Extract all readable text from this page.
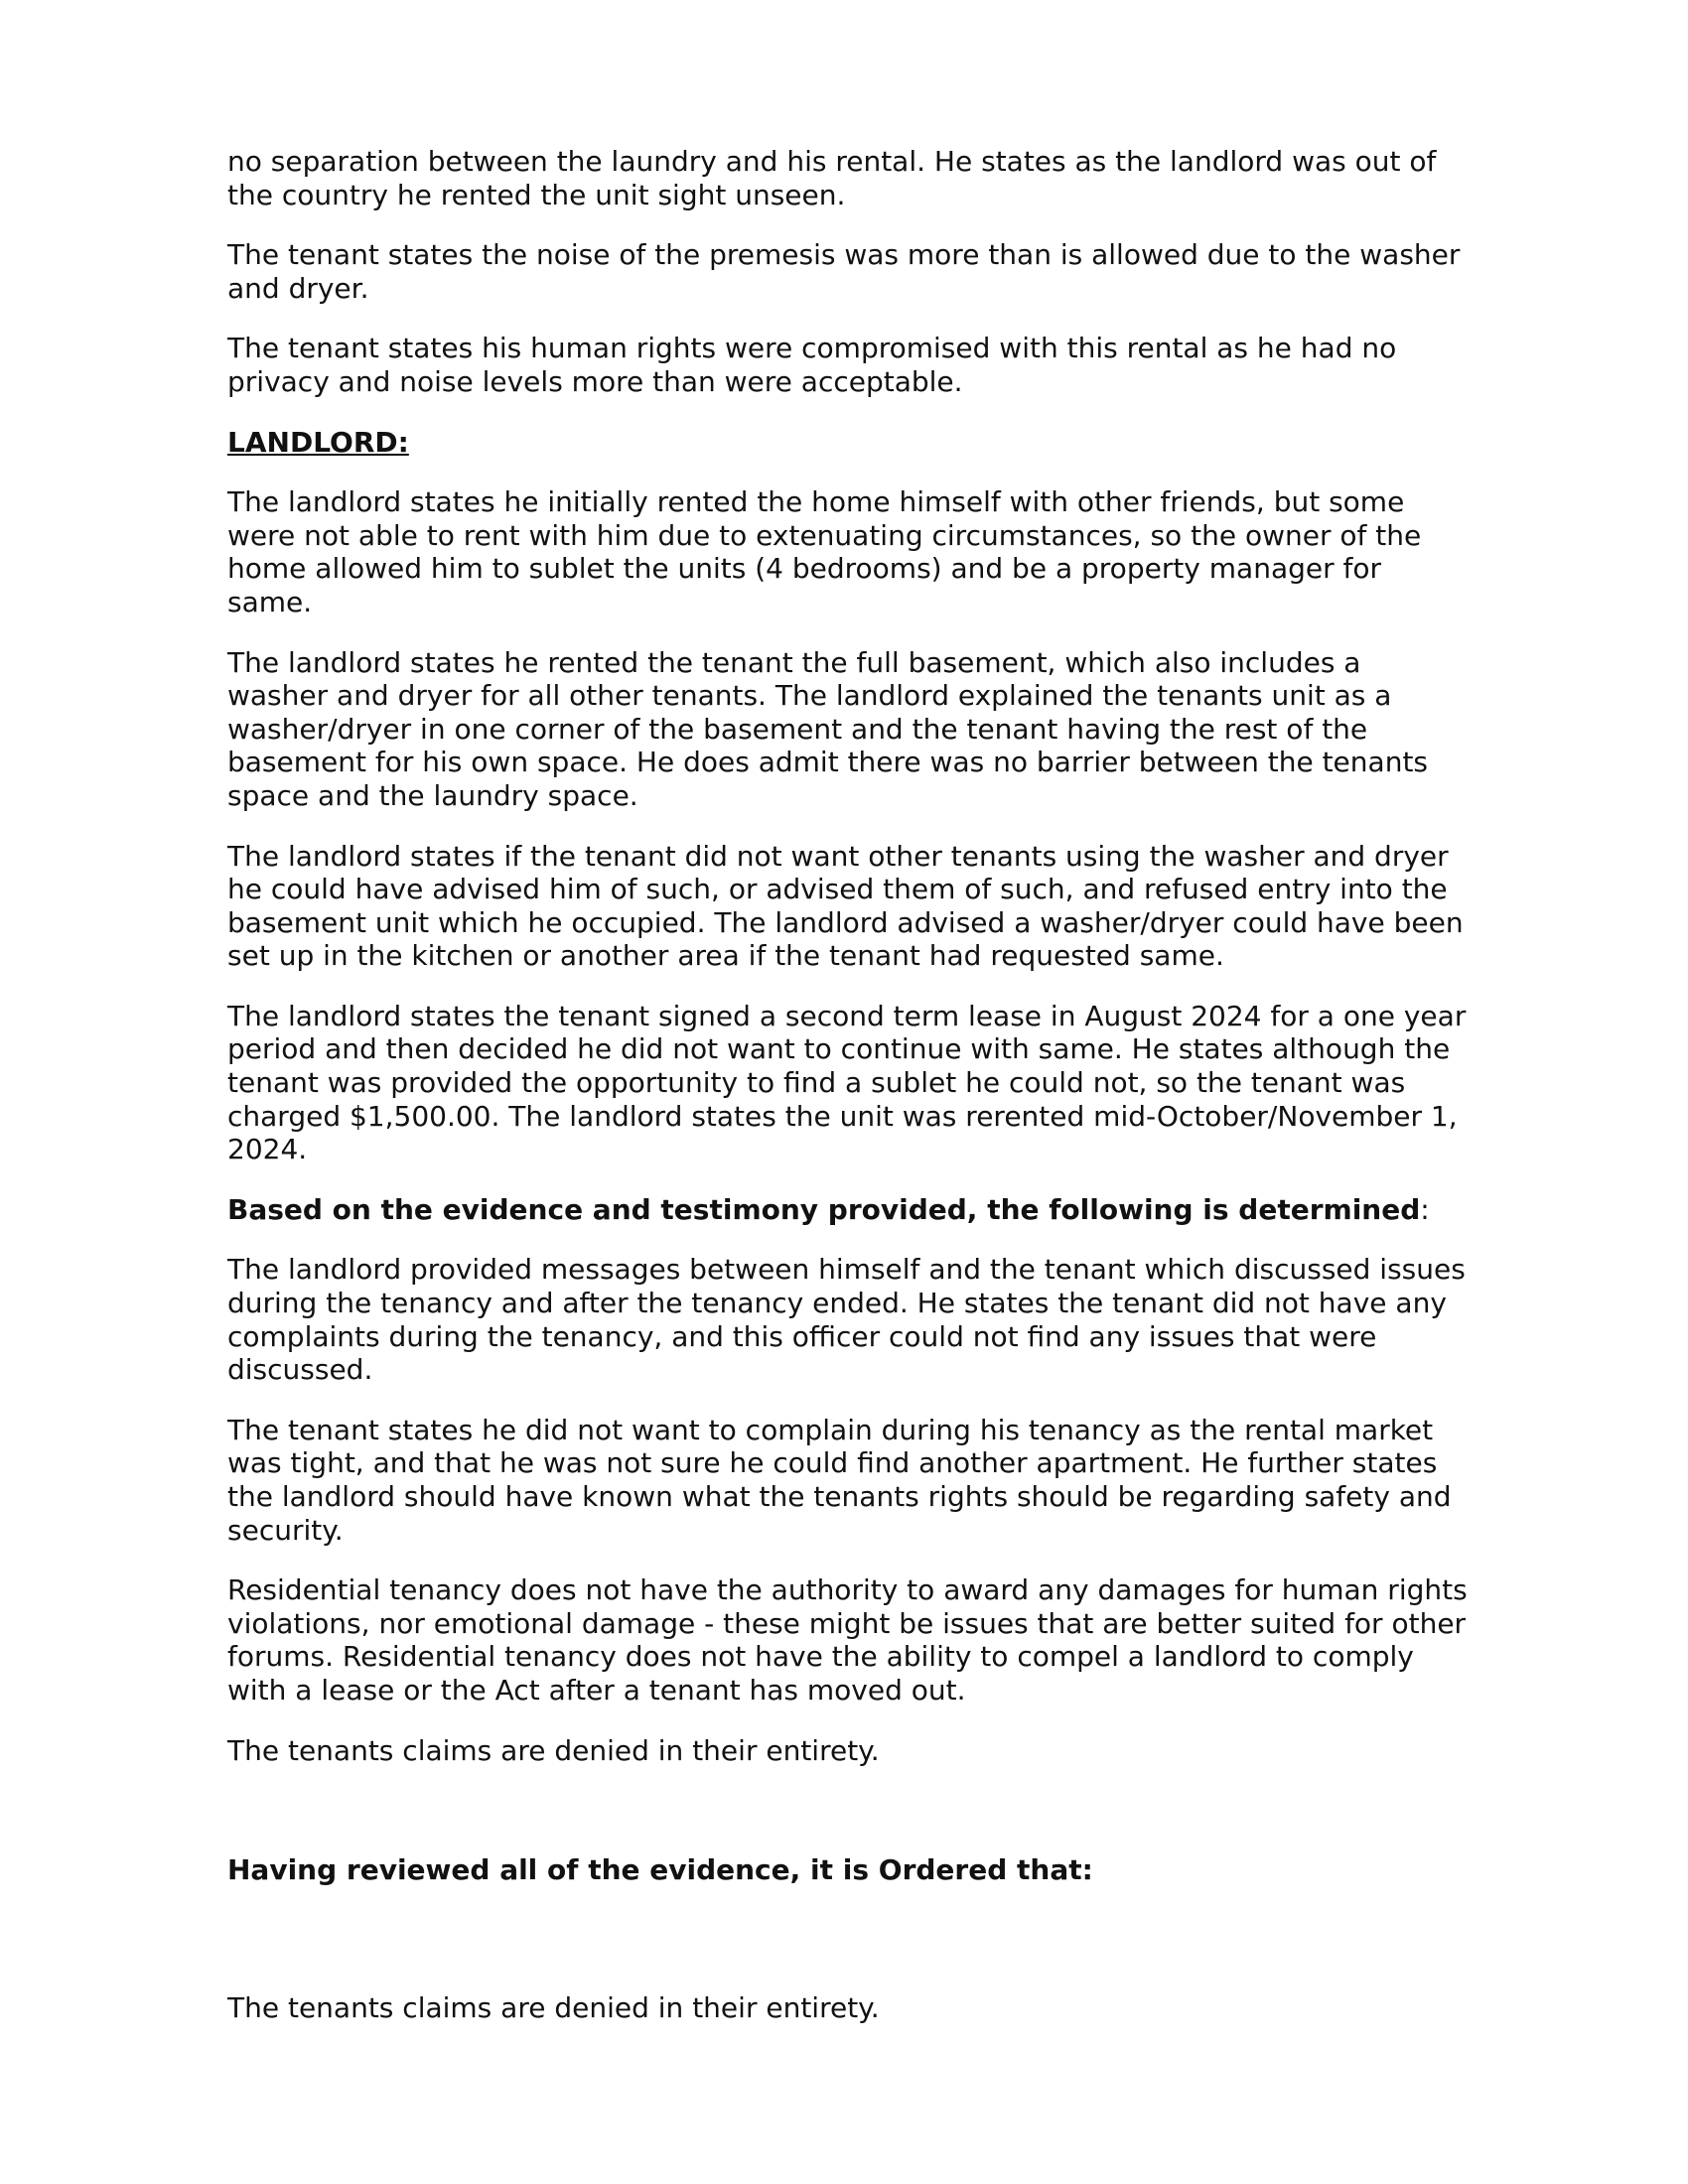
no separation between the laundry and his rental. He states as the landlord was out of the country he rented the unit sight unseen.

The tenant states the noise of the premesis was more than is allowed due to the washer and dryer.

The tenant states his human rights were compromised with this rental as he had no privacy and noise levels more than were acceptable.

LANDLORD:

The landlord states he initially rented the home himself with other friends, but some were not able to rent with him due to extenuating circumstances, so the owner of the home allowed him to sublet the units (4 bedrooms) and be a property manager for same.

The landlord states he rented the tenant the full basement, which also includes a washer and dryer for all other tenants. The landlord explained the tenants unit as a washer/dryer in one corner of the basement and the tenant having the rest of the basement for his own space. He does admit there was no barrier between the tenants space and the laundry space.

The landlord states if the tenant did not want other tenants using the washer and dryer he could have advised him of such, or advised them of such, and refused entry into the basement unit which he occupied. The landlord advised a washer/dryer could have been set up in the kitchen or another area if the tenant had requested same.

The landlord states the tenant signed a second term lease in August 2024 for a one year period and then decided he did not want to continue with same. He states although the tenant was provided the opportunity to find a sublet he could not, so the tenant was charged $1,500.00. The landlord states the unit was rerented mid-October/November 1, 2024.

Based on the evidence and testimony provided, the following is determined:

The landlord provided messages between himself and the tenant which discussed issues during the tenancy and after the tenancy ended. He states the tenant did not have any complaints during the tenancy, and this officer could not find any issues that were discussed.

The tenant states he did not want to complain during his tenancy as the rental market was tight, and that he was not sure he could find another apartment. He further states the landlord should have known what the tenants rights should be regarding safety and security.

Residential tenancy does not have the authority to award any damages for human rights violations, nor emotional damage - these might be issues that are better suited for other forums. Residential tenancy does not have the ability to compel a landlord to comply with a lease or the Act after a tenant has moved out.

The tenants claims are denied in their entirety.

Having reviewed all of the evidence, it is Ordered that:

The tenants claims are denied in their entirety.
